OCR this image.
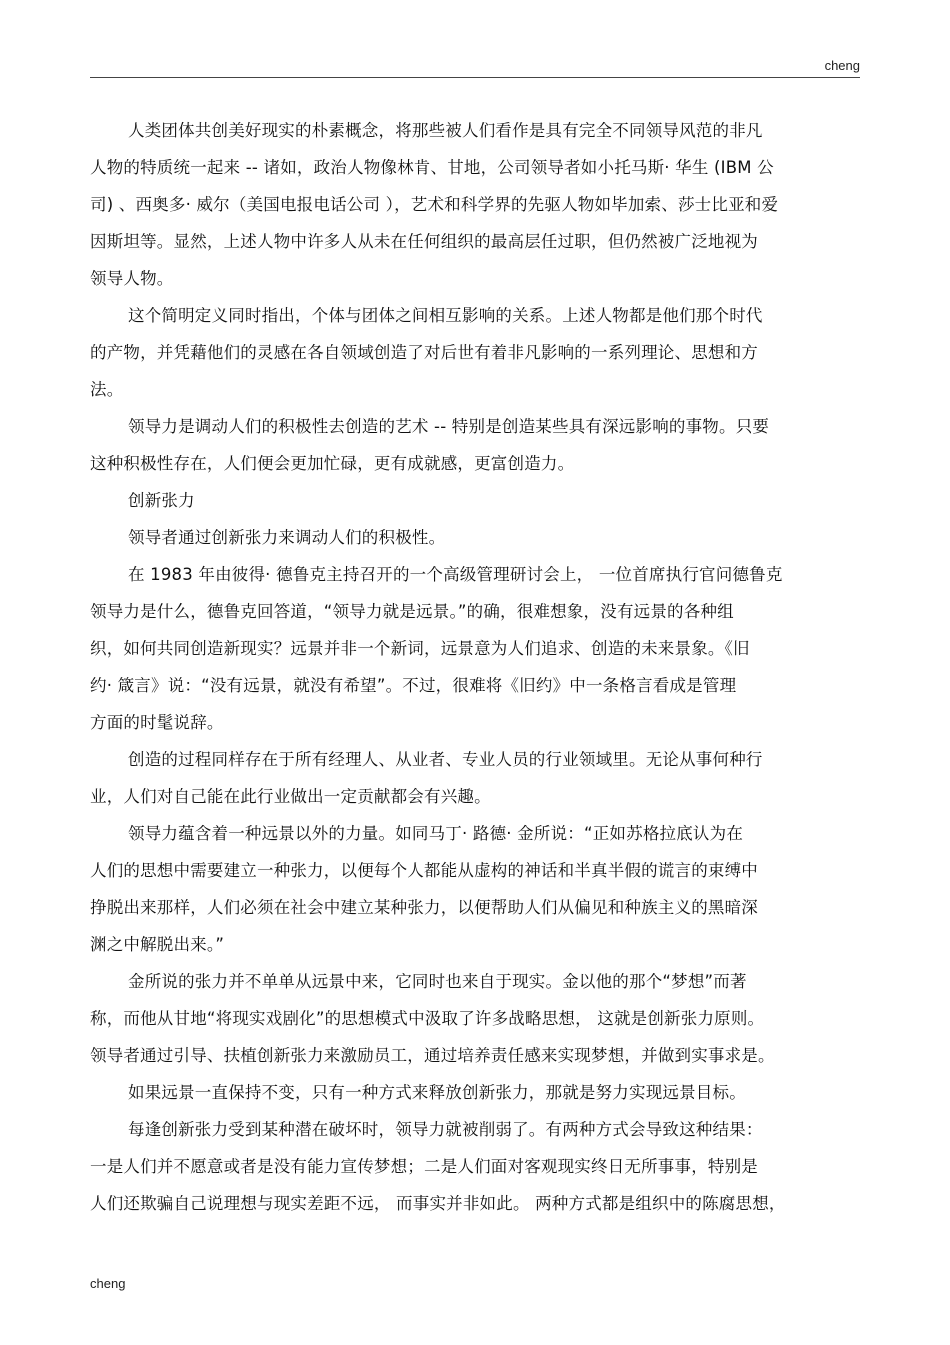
cheng
人类团体共创美好现实的朴素概念，将那些被人们看作是具有完全不同领导风范的非凡
人物的特质统一起来 -- 诸如，政治人物像林肯、甘地，公司领导者如小托马斯· 华生 (IBM 公
司) 、西奥多· 威尔（美国电报电话公司 ），艺术和科学界的先驱人物如毕加索、莎士比亚和爱
因斯坦等。显然，上述人物中许多人从未在任何组织的最高层任过职，但仍然被广泛地视为
领导人物。
这个简明定义同时指出，个体与团体之间相互影响的关系。上述人物都是他们那个时代
的产物，并凭藉他们的灵感在各自领域创造了对后世有着非凡影响的一系列理论、思想和方
法。
领导力是调动人们的积极性去创造的艺术 -- 特别是创造某些具有深远影响的事物。只要
这种积极性存在，人们便会更加忙碌，更有成就感，更富创造力。
创新张力
领导者通过创新张力来调动人们的积极性。
在 1983 年由彼得· 德鲁克主持召开的一个高级管理研讨会上， 一位首席执行官问德鲁克
领导力是什么，德鲁克回答道，“领导力就是远景。”的确，很难想象，没有远景的各种组
织，如何共同创造新现实？远景并非一个新词，远景意为人们追求、创造的未来景象。《旧
约· 箴言》说：“没有远景，就没有希望”。不过，很难将《旧约》中一条格言看成是管理
方面的时髦说辞。
创造的过程同样存在于所有经理人、从业者、专业人员的行业领域里。无论从事何种行
业，人们对自己能在此行业做出一定贡献都会有兴趣。
领导力蕴含着一种远景以外的力量。如同马丁· 路德· 金所说：“正如苏格拉底认为在
人们的思想中需要建立一种张力，以便每个人都能从虚构的神话和半真半假的谎言的束缚中
挣脱出来那样，人们必须在社会中建立某种张力，以便帮助人们从偏见和种族主义的黑暗深
渊之中解脱出来。”
金所说的张力并不单单从远景中来，它同时也来自于现实。金以他的那个“梦想”而著
称，而他从甘地“将现实戏剧化”的思想模式中汲取了许多战略思想， 这就是创新张力原则。
领导者通过引导、扶植创新张力来激励员工，通过培养责任感来实现梦想，并做到实事求是。
如果远景一直保持不变，只有一种方式来释放创新张力，那就是努力实现远景目标。
每逢创新张力受到某种潜在破坏时，领导力就被削弱了。有两种方式会导致这种结果：
一是人们并不愿意或者是没有能力宣传梦想；二是人们面对客观现实终日无所事事，特别是
人们还欺骗自己说理想与现实差距不远， 而事实并非如此。 两种方式都是组织中的陈腐思想，
cheng
